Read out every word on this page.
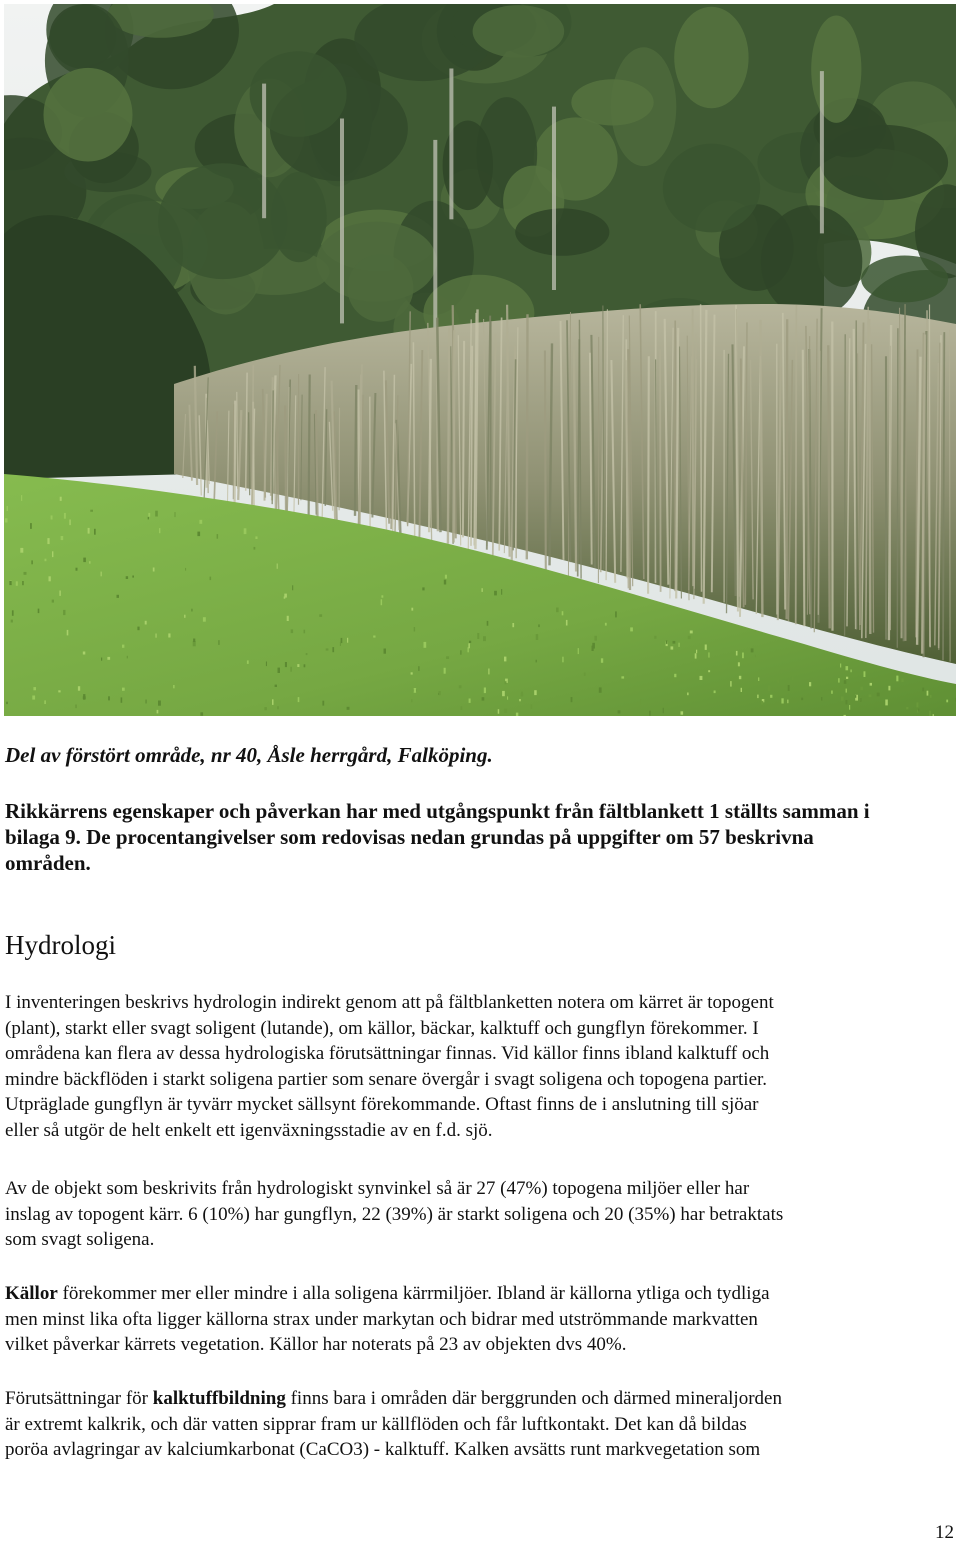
Del av förstört område, nr 40, Åsle herrgård, Falköping.
Rikkärrens egenskaper och påverkan har med utgångspunkt från fältblankett 1 ställts samman i
bilaga 9. De procentangivelser som redovisas nedan grundas på uppgifter om 57 beskrivna
områden.
Hydrologi
I inventeringen beskrivs hydrologin indirekt genom att på fältblanketten notera om kärret är topogent
(plant), starkt eller svagt soligent (lutande), om källor, bäckar, kalktuff och gungflyn förekommer. I
områdena kan flera av dessa hydrologiska förutsättningar finnas. Vid källor finns ibland kalktuff och
mindre bäckflöden i starkt soligena partier som senare övergår i svagt soligena och topogena partier.
Utpräglade gungflyn är tyvärr mycket sällsynt förekommande. Oftast finns de i anslutning till sjöar
eller så utgör de helt enkelt ett igenväxningsstadie av en f.d. sjö.
Av de objekt som beskrivits från hydrologiskt synvinkel så är 27 (47%) topogena miljöer eller har
inslag av topogent kärr. 6 (10%) har gungflyn, 22 (39%) är starkt soligena och 20 (35%) har betraktats
som svagt soligena.
Källor förekommer mer eller mindre i alla soligena kärrmiljöer. Ibland är källorna ytliga och tydliga
men minst lika ofta ligger källorna strax under markytan och bidrar med utströmmande markvatten
vilket påverkar kärrets vegetation. Källor har noterats på 23 av objekten dvs 40%.
Förutsättningar för kalktuffbildning finns bara i områden där berggrunden och därmed mineraljorden
är extremt kalkrik, och där vatten sipprar fram ur källflöden och får luftkontakt. Det kan då bildas
poröa avlagringar av kalciumkarbonat (CaCO3) - kalktuff. Kalken avsätts runt markvegetation som
12
